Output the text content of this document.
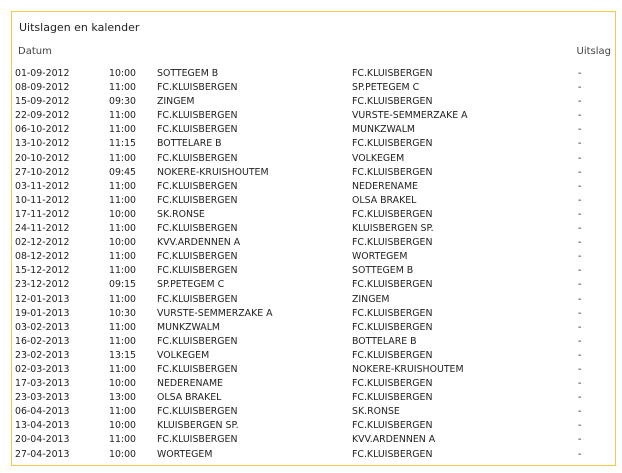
Uitslagen en kalender
Datum	Uitslag
01-09-2012	10:00 SOTTEGEM B	FC.KLUISBERGEN	-
08-09-2012	11:00 FC.KLUISBERGEN	SP.PETEGEM C	-
15-09-2012	09:30 ZINGEM	FC.KLUISBERGEN	-
22-09-2012	11:00 FC.KLUISBERGEN	VURSTE-SEMMERZAKE A	-
06-10-2012	11:00 FC.KLUISBERGEN	MUNKZWALM	-
13-10-2012	11:15 BOTTELARE B	FC.KLUISBERGEN	-
20-10-2012	11:00 FC.KLUISBERGEN	VOLKEGEM	-
27-10-2012	09:45 NOKERE-KRUISHOUTEM	FC.KLUISBERGEN	-
03-11-2012	11:00 FC.KLUISBERGEN	NEDERENAME	-
10-11-2012	11:00 FC.KLUISBERGEN	OLSA BRAKEL	-
17-11-2012	10:00 SK.RONSE	FC.KLUISBERGEN	-
24-11-2012	11:00 FC.KLUISBERGEN	KLUISBERGEN SP.	-
02-12-2012	10:00 KVV.ARDENNEN A	FC.KLUISBERGEN	-
08-12-2012	11:00 FC.KLUISBERGEN	WORTEGEM	-
15-12-2012	11:00 FC.KLUISBERGEN	SOTTEGEM B	-
23-12-2012	09:15 SP.PETEGEM C	FC.KLUISBERGEN	-
12-01-2013	11:00 FC.KLUISBERGEN	ZINGEM	-
19-01-2013	10:30 VURSTE-SEMMERZAKE A	FC.KLUISBERGEN	-
03-02-2013	11:00 MUNKZWALM	FC.KLUISBERGEN	-
16-02-2013	11:00 FC.KLUISBERGEN	BOTTELARE B	-
23-02-2013	13:15 VOLKEGEM	FC.KLUISBERGEN	-
02-03-2013	11:00 FC.KLUISBERGEN	NOKERE-KRUISHOUTEM	-
17-03-2013	10:00 NEDERENAME	FC.KLUISBERGEN	-
23-03-2013	13:00 OLSA BRAKEL	FC.KLUISBERGEN	-
06-04-2013	11:00 FC.KLUISBERGEN	SK.RONSE	-
13-04-2013	10:00 KLUISBERGEN SP.	FC.KLUISBERGEN	-
20-04-2013	11:00 FC.KLUISBERGEN	KVV.ARDENNEN A	-
27-04-2013	10:00 WORTEGEM	FC.KLUISBERGEN	-
